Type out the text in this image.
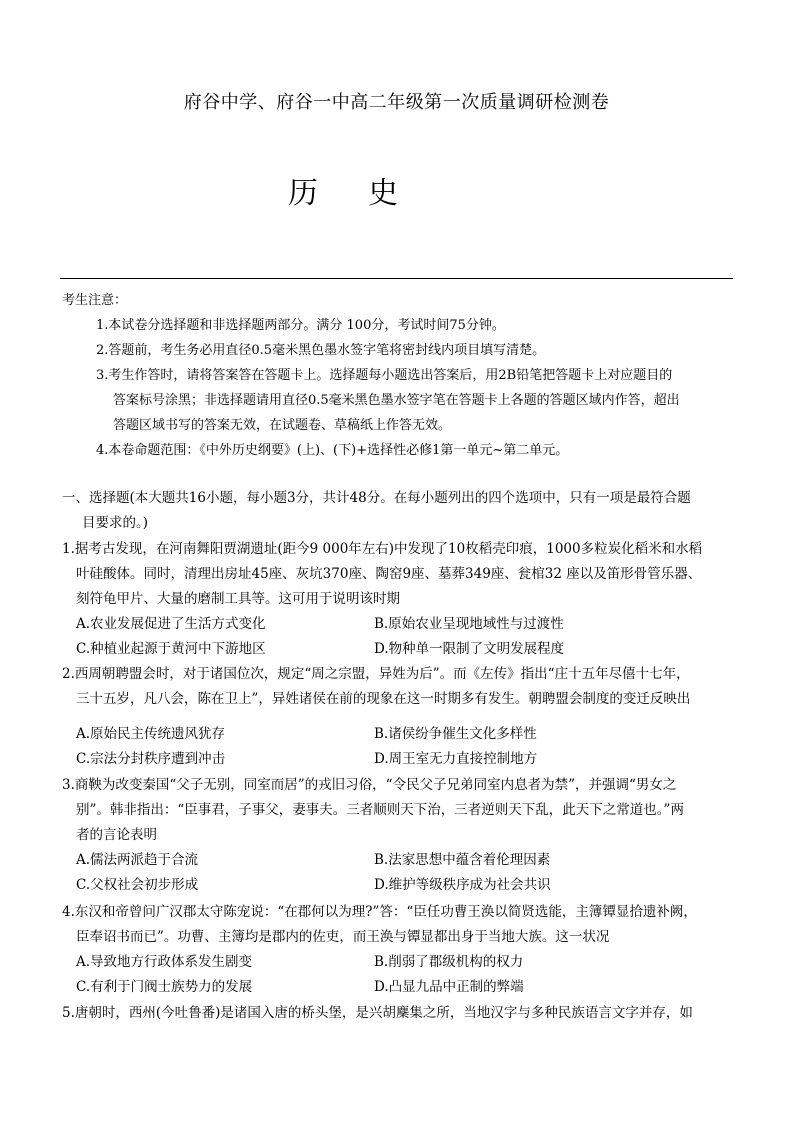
府谷中学、府谷一中高二年级第一次质量调研检测卷
历 史

考生注意：

1.本试卷分选择题和非选择题两部分。满分 100分，考试时间75分钟。

2.答题前，考生务必用直径0.5毫米黑色墨水签字笔将密封线内项目填写清楚。

3.考生作答时，请将答案答在答题卡上。选择题每小题选出答案后，用2B铅笔把答题卡上对应题目的
答案标号涂黑；非选择题请用直径0.5毫米黑色墨水签字笔在答题卡上各题的答题区域内作答，超出
答题区域书写的答案无效，在试题卷、草稿纸上作答无效。

4.本卷命题范围：《中外历史纲要》(上)、(下)+选择性必修1第一单元~第二单元。

一、选择题(本大题共16小题，每小题3分，共计48分。在每小题列出的四个选项中，只有一项是最符合题
目要求的。)
1.据考古发现，在河南舞阳贾湖遗址(距今9 000年左右)中发现了10枚稻壳印痕，1000多粒炭化稻米和水稻
叶硅酸体。同时，清理出房址45座、灰坑370座、陶窑9座、墓葬349座、瓮棺32 座以及笛形骨管乐器、
刻符龟甲片、大量的磨制工具等。这可用于说明该时期
A.农业发展促进了生活方式变化	B.原始农业呈现地域性与过渡性
C.种植业起源于黄河中下游地区	D.物种单一限制了文明发展程度
2.西周朝聘盟会时，对于诸国位次，规定“周之宗盟，异姓为后”。而《左传》指出“庄十五年尽僖十七年，
三十五岁，凡八会，陈在卫上”，异姓诸侯在前的现象在这一时期多有发生。朝聘盟会制度的变迁反映出
A.原始民主传统遗风犹存	B.诸侯纷争催生文化多样性
C.宗法分封秩序遭到冲击	D.周王室无力直接控制地方
3.商鞅为改变秦国“父子无别，同室而居”的戎旧习俗，“令民父子兄弟同室内息者为禁”，并强调“男女之
别”。韩非指出：“臣事君，子事父，妻事夫。三者顺则天下治，三者逆则天下乱，此天下之常道也。”两
者的言论表明
A.儒法两派趋于合流	B.法家思想中蕴含着伦理因素
C.父权社会初步形成	D.维护等级秩序成为社会共识
4.东汉和帝曾问广汉郡太守陈宠说：“在郡何以为理?”答：“臣任功曹王涣以简贤选能，主簿镡显拾遗补阙，
臣奉诏书而已”。功曹、主簿均是郡内的佐吏，而王涣与镡显都出身于当地大族。这一状况
A.导致地方行政体系发生剧变	B.削弱了郡级机构的权力
C.有利于门阀士族势力的发展	D.凸显九品中正制的弊端
5.唐朝时，西州(今吐鲁番)是诸国入唐的桥头堡，是兴胡麇集之所，当地汉字与多种民族语言文字并存，如
